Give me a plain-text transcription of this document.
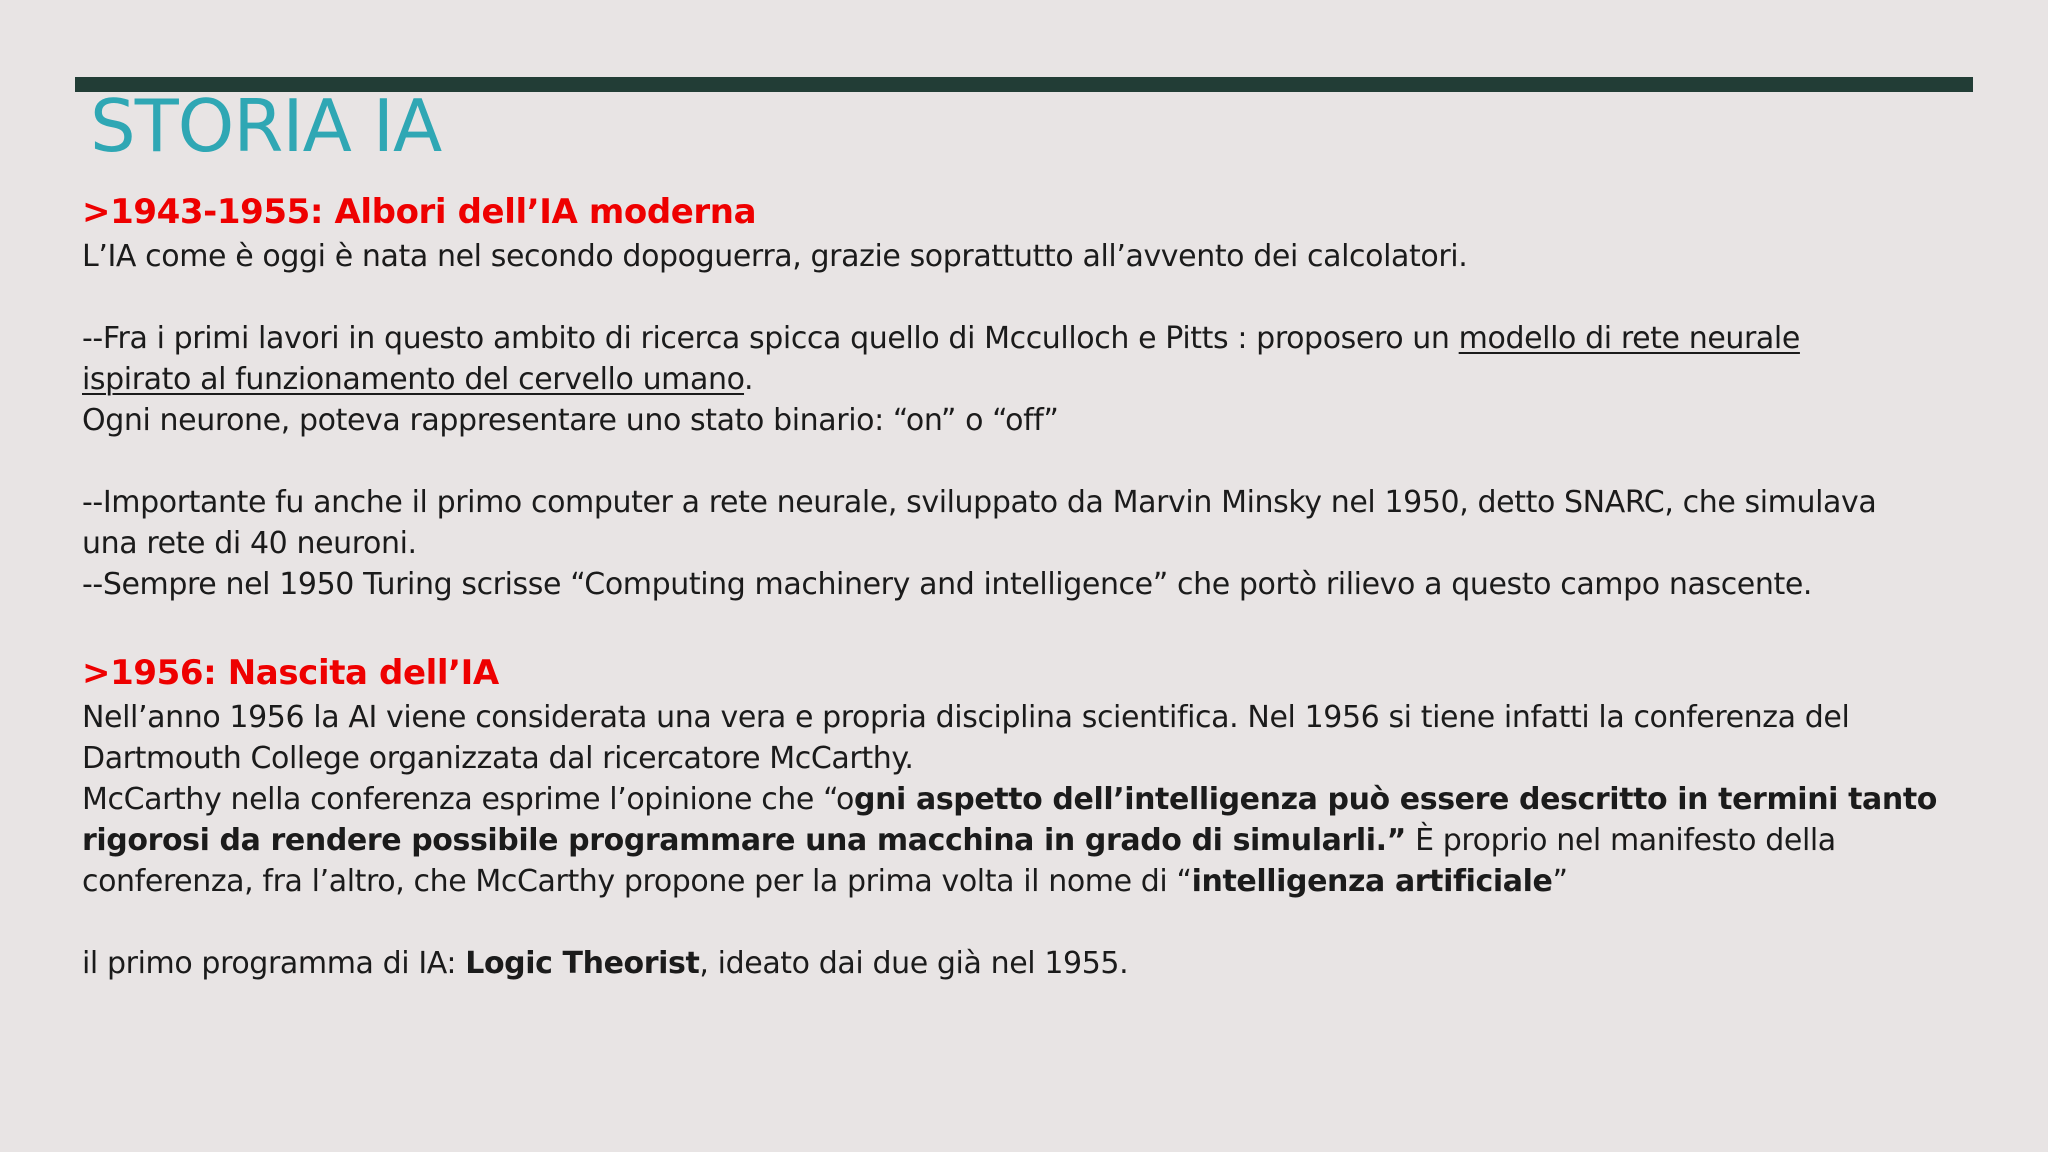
STORIA IA
>1943-1955: Albori dell’IA moderna

L’IA come è oggi è nata nel secondo dopoguerra, grazie soprattutto all’avvento dei calcolatori.

--Fra i primi lavori in questo ambito di ricerca spicca quello di Mcculloch e Pitts : proposero un modello di rete neurale

ispirato al funzionamento del cervello umano.

Ogni neurone, poteva rappresentare uno stato binario: “on” o “off”

--Importante fu anche il primo computer a rete neurale, sviluppato da Marvin Minsky nel 1950, detto SNARC, che simulava

una rete di 40 neuroni.

--Sempre nel 1950 Turing scrisse “Computing machinery and intelligence” che portò rilievo a questo campo nascente.

>1956: Nascita dell’IA

Nell’anno 1956 la AI viene considerata una vera e propria disciplina scientifica. Nel 1956 si tiene infatti la conferenza del

Dartmouth College organizzata dal ricercatore McCarthy.

McCarthy nella conferenza esprime l’opinione che “ogni aspetto dell’intelligenza può essere descritto in termini tanto

rigorosi da rendere possibile programmare una macchina in grado di simularli.” È proprio nel manifesto della

conferenza, fra l’altro, che McCarthy propone per la prima volta il nome di “intelligenza artificiale”

il primo programma di IA: Logic Theorist, ideato dai due già nel 1955.
